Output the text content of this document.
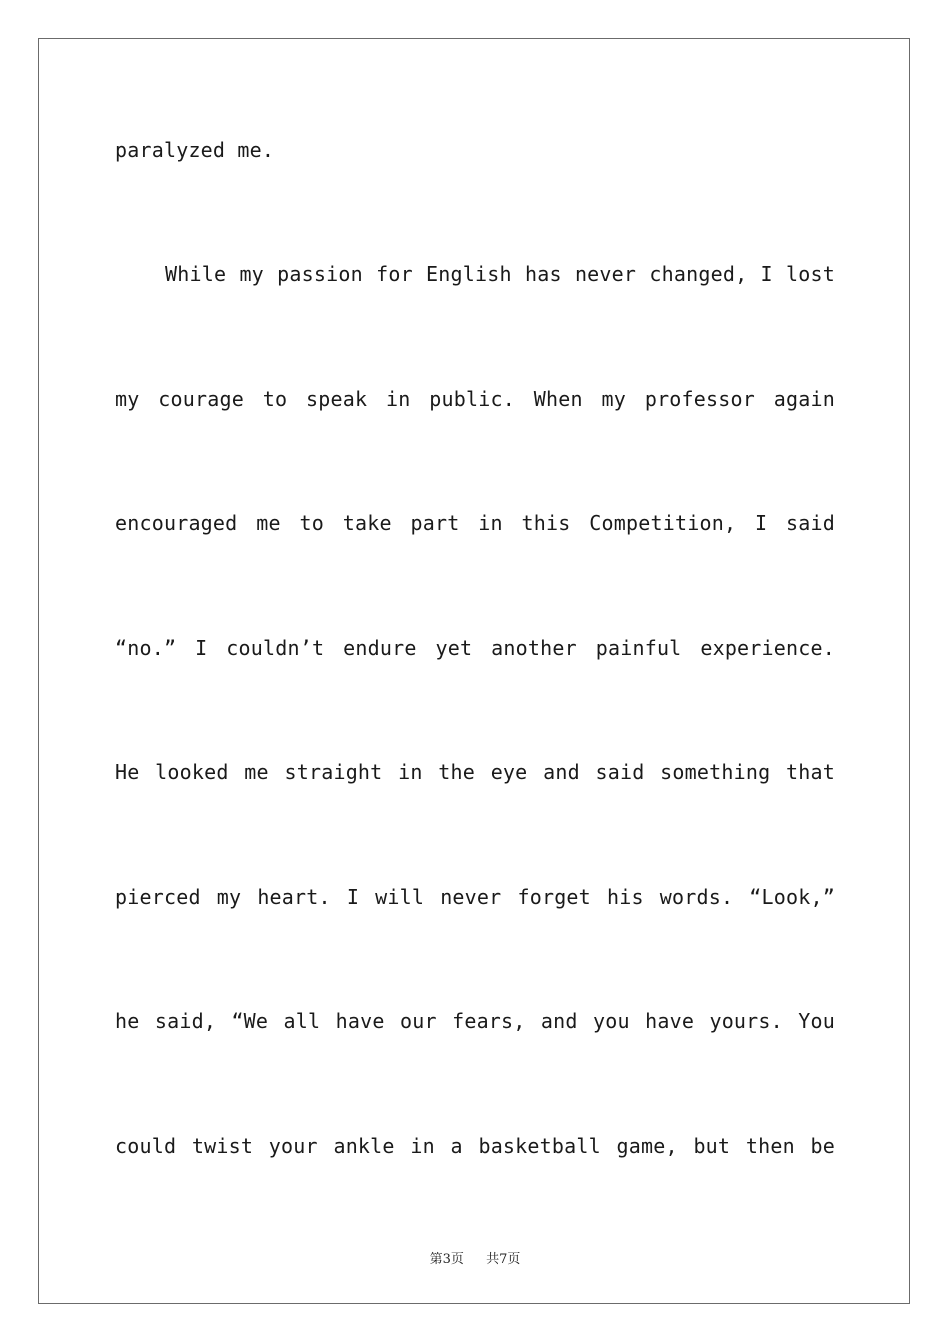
paralyzed me.
While my passion for English has never changed, I lost
my courage to speak in public. When my professor again
encouraged me to take part in this Competition, I said
“no.” I couldn’t endure yet another painful experience.
He looked me straight in the eye and said something that
pierced my heart. I will never forget his words. “Look,”
he said, “We all have our fears, and you have yours. You
could twist your ankle in a basketball game, but then be
第3页 共7页
